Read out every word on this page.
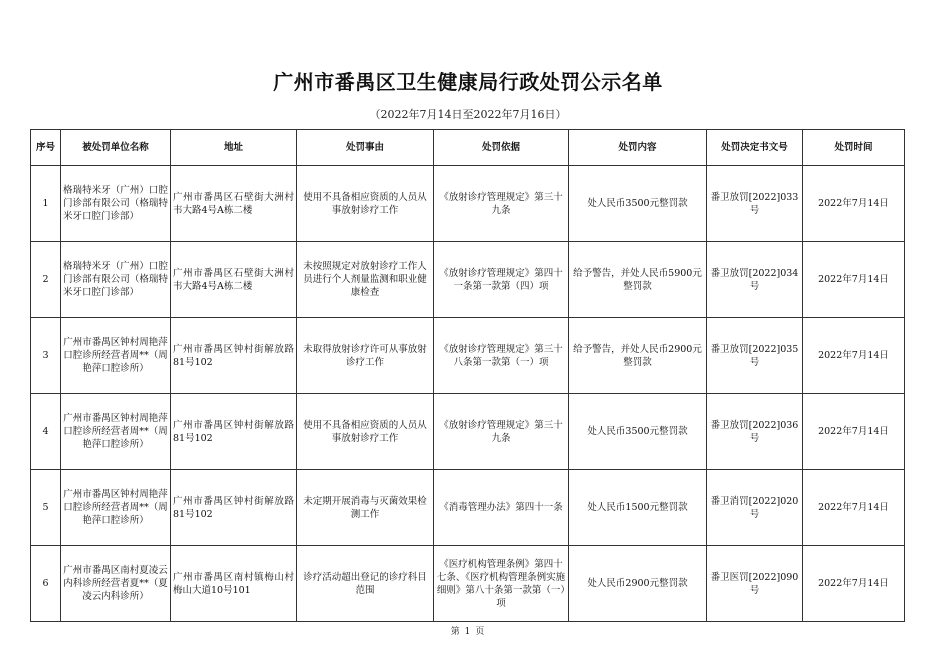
广州市番禺区卫生健康局行政处罚公示名单
（2022年7月14日至2022年7月16日）
序号	被处罚单位名称	地址	处罚事由	处罚依据	处罚内容	处罚决定书文号	处罚时间
1	格瑞特米牙（广州）口腔门诊部有限公司（格瑞特米牙口腔门诊部）	广州市番禺区石壁街大洲村韦大路4号A栋二楼	使用不具备相应资质的人员从事放射诊疗工作	《放射诊疗管理规定》第三十九条	处人民币3500元整罚款	番卫放罚[2022]033号	2022年7月14日
2	格瑞特米牙（广州）口腔门诊部有限公司（格瑞特米牙口腔门诊部）	广州市番禺区石壁街大洲村韦大路4号A栋二楼	未按照规定对放射诊疗工作人员进行个人剂量监测和职业健康检查	《放射诊疗管理规定》第四十一条第一款第（四）项	给予警告，并处人民币5900元整罚款	番卫放罚[2022]034号	2022年7月14日
3	广州市番禺区钟村周艳萍口腔诊所经营者周**（周艳萍口腔诊所）	广州市番禺区钟村街解放路81号102	未取得放射诊疗许可从事放射诊疗工作	《放射诊疗管理规定》第三十八条第一款第（一）项	给予警告，并处人民币2900元整罚款	番卫放罚[2022]035号	2022年7月14日
4	广州市番禺区钟村周艳萍口腔诊所经营者周**（周艳萍口腔诊所）	广州市番禺区钟村街解放路81号102	使用不具备相应资质的人员从事放射诊疗工作	《放射诊疗管理规定》第三十九条	处人民币3500元整罚款	番卫放罚[2022]036号	2022年7月14日
5	广州市番禺区钟村周艳萍口腔诊所经营者周**（周艳萍口腔诊所）	广州市番禺区钟村街解放路81号102	未定期开展消毒与灭菌效果检测工作	《消毒管理办法》第四十一条	处人民币1500元整罚款	番卫消罚[2022]020号	2022年7月14日
6	广州市番禺区南村夏凌云内科诊所经营者夏**（夏凌云内科诊所）	广州市番禺区南村镇梅山村梅山大道10号101	诊疗活动超出登记的诊疗科目范围	《医疗机构管理条例》第四十七条、《医疗机构管理条例实施细则》第八十条第一款第（一）项	处人民币2900元整罚款	番卫医罚[2022]090号	2022年7月14日
第 1 页
